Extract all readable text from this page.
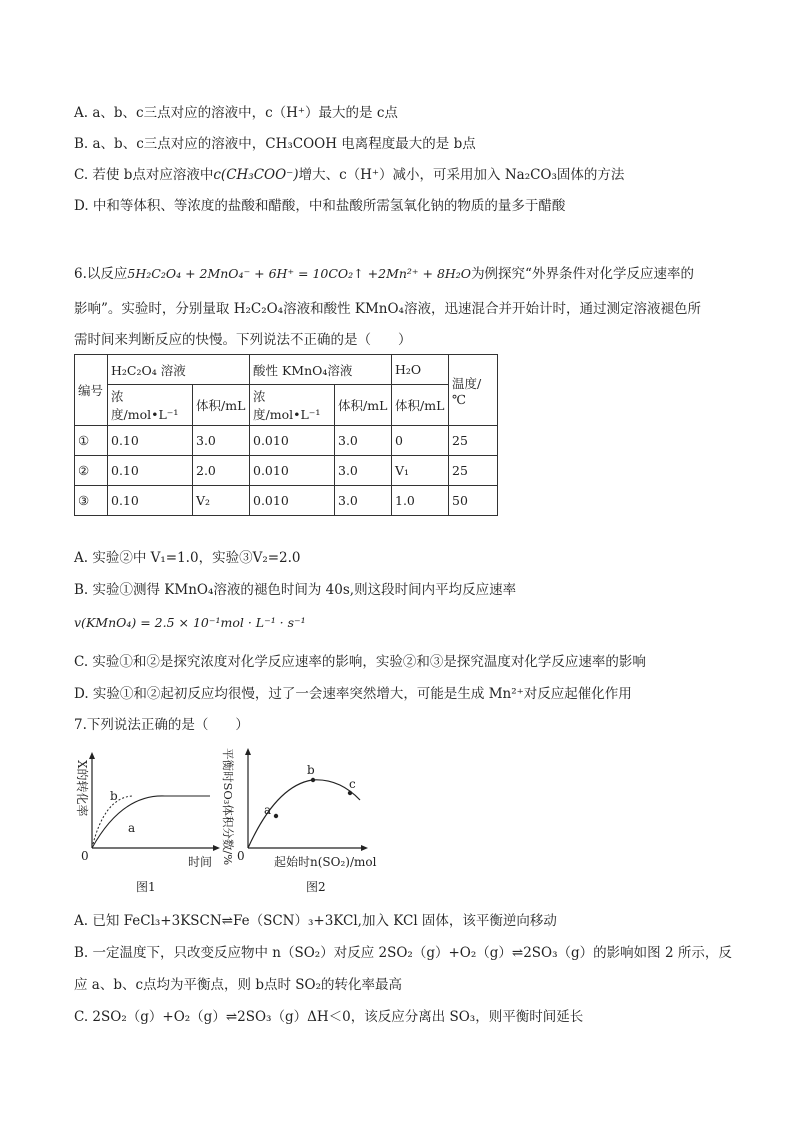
A. a、b、c三点对应的溶液中，c（H⁺）最大的是 c点
B. a、b、c三点对应的溶液中，CH₃COOH 电离程度最大的是 b点
C. 若使 b点对应溶液中c(CH₃COO⁻)增大、c（H⁺）减小，可采用加入 Na₂CO₃固体的方法
D. 中和等体积、等浓度的盐酸和醋酸，中和盐酸所需氢氧化钠的物质的量多于醋酸
6.以反应5H₂C₂O₄ + 2MnO₄⁻ + 6H⁺ = 10CO₂↑ +2Mn²⁺ + 8H₂O为例探究“外界条件对化学反应速率的
影响”。实验时，分别量取 H₂C₂O₄溶液和酸性 KMnO₄溶液，迅速混合并开始计时，通过测定溶液褪色所
需时间来判断反应的快慢。下列说法不正确的是（　　）
编号	H₂C₂O₄ 溶液		酸性 KMnO₄溶液		H₂O	温度/℃
	浓度/mol•L⁻¹	体积/mL	浓度/mol•L⁻¹	体积/mL	体积/mL	
①	0.10	3.0	0.010	3.0	0	25
②	0.10	2.0	0.010	3.0	V₁	25
③	0.10	V₂	0.010	3.0	1.0	50
A. 实验②中 V₁=1.0，实验③V₂=2.0
B. 实验①测得 KMnO₄溶液的褪色时间为 40s,则这段时间内平均反应速率
v(KMnO₄) = 2.5 × 10⁻¹mol · L⁻¹ · s⁻¹
C. 实验①和②是探究浓度对化学反应速率的影响，实验②和③是探究温度对化学反应速率的影响
D. 实验①和②起初反应均很慢，过了一会速率突然增大，可能是生成 Mn²⁺对反应起催化作用
7.下列说法正确的是（　　）
X的转化率
a
b
0	时间
图1
平衡时SO₃体积分数/% a
b
c
0 起始时n(SO₂)/mol
图2
A. 已知 FeCl₃+3KSCN⇌Fe（SCN）₃+3KCl,加入 KCl 固体，该平衡逆向移动
B. 一定温度下，只改变反应物中 n（SO₂）对反应 2SO₂（g）+O₂（g）⇌2SO₃（g）的影响如图 2 所示，反
应 a、b、c点均为平衡点，则 b点时 SO₂的转化率最高
C. 2SO₂（g）+O₂（g）⇌2SO₃（g）ΔH＜0，该反应分离出 SO₃，则平衡时间延长
